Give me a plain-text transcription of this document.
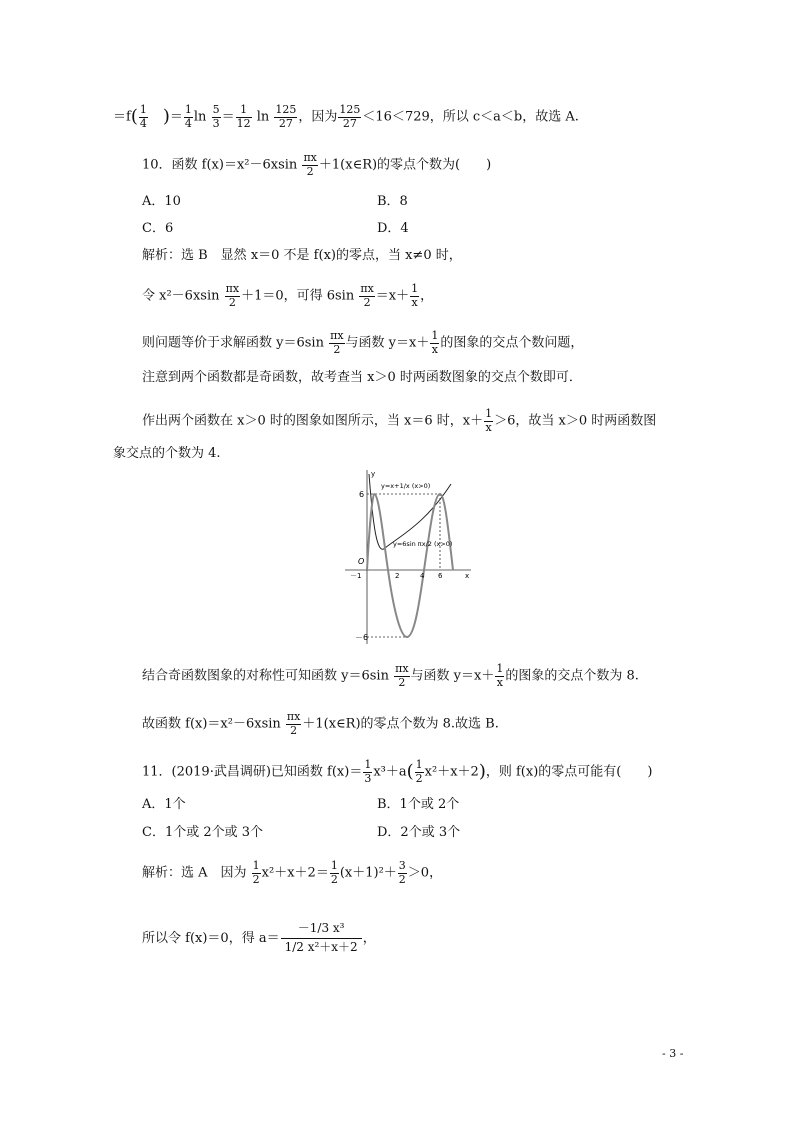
$=f( \frac{1}{4}$ )＝ $\frac{1}{4}$ $\ln \frac{5}{3} = \frac{1}{12}$ $\ln \frac{125}{27}$ ，因为 $\frac{125}{27} <16<729$，所以 c＜a＜b，故选 A.
10．函数 $f(x)=x^2-6xsin \frac{\pi x}{2}$ ＋1(x∈R)的零点个数为(　　)
A．10	B．8
C．6	D．4
解析：选 B　显然 x＝0 不是 f(x)的零点，当 x≠0 时，
令 $x^2-6xsin \frac{\pi x}{2} +1=0$，可得 $6\sin \frac{\pi x}{2} =x+ \frac{1}{x}$ ，
则问题等价于求解函数 $y=6\sin \frac{\pi x}{2}$ 与函数 $y=x+ \frac{1}{x}$ 的图象的交点个数问题，
注意到两个函数都是奇函数，故考查当 x＞0 时两函数图象的交点个数即可．
作出两个函数在 x＞0 时的图象如图所示，当 x＝6 时，$x+ \frac{1}{x} >6$，故当 x＞0 时两函数图
象交点的个数为 4.
y
x
O
6
－6
－1	2	4 6
y=x+1/x (x>0)
y=6sin πx/2 (x>0)
结合奇函数图象的对称性可知函数 $y=6\sin \frac{\pi x}{2}$ 与函数 $y=x+ \frac{1}{x}$ 的图象的交点个数为 8.
故函数 $f(x)=x^2-6xsin \frac{\pi x}{2}$ ＋1(x∈R)的零点个数为 8.故选 B.
11．(2019·武昌调研)已知函数 $f(x)= \frac{1}{3} x^3+a( \frac{1}{2} x^2+x+2)$，则 f(x)的零点可能有(　　)
A．1个	B．1个或 2个
C．1个或 2个或 3个	D．2个或 3个
解析：选 A　因为 $\frac{1}{2} x^2+x+2= \frac{1}{2} (x+1)^2+ \frac{3}{2} >0$，
所以令 f(x)＝0，得 $a= \frac{\text{－1/3 x³}}{\text{1/2 x²＋x＋2}}$ ，
- 3 -
